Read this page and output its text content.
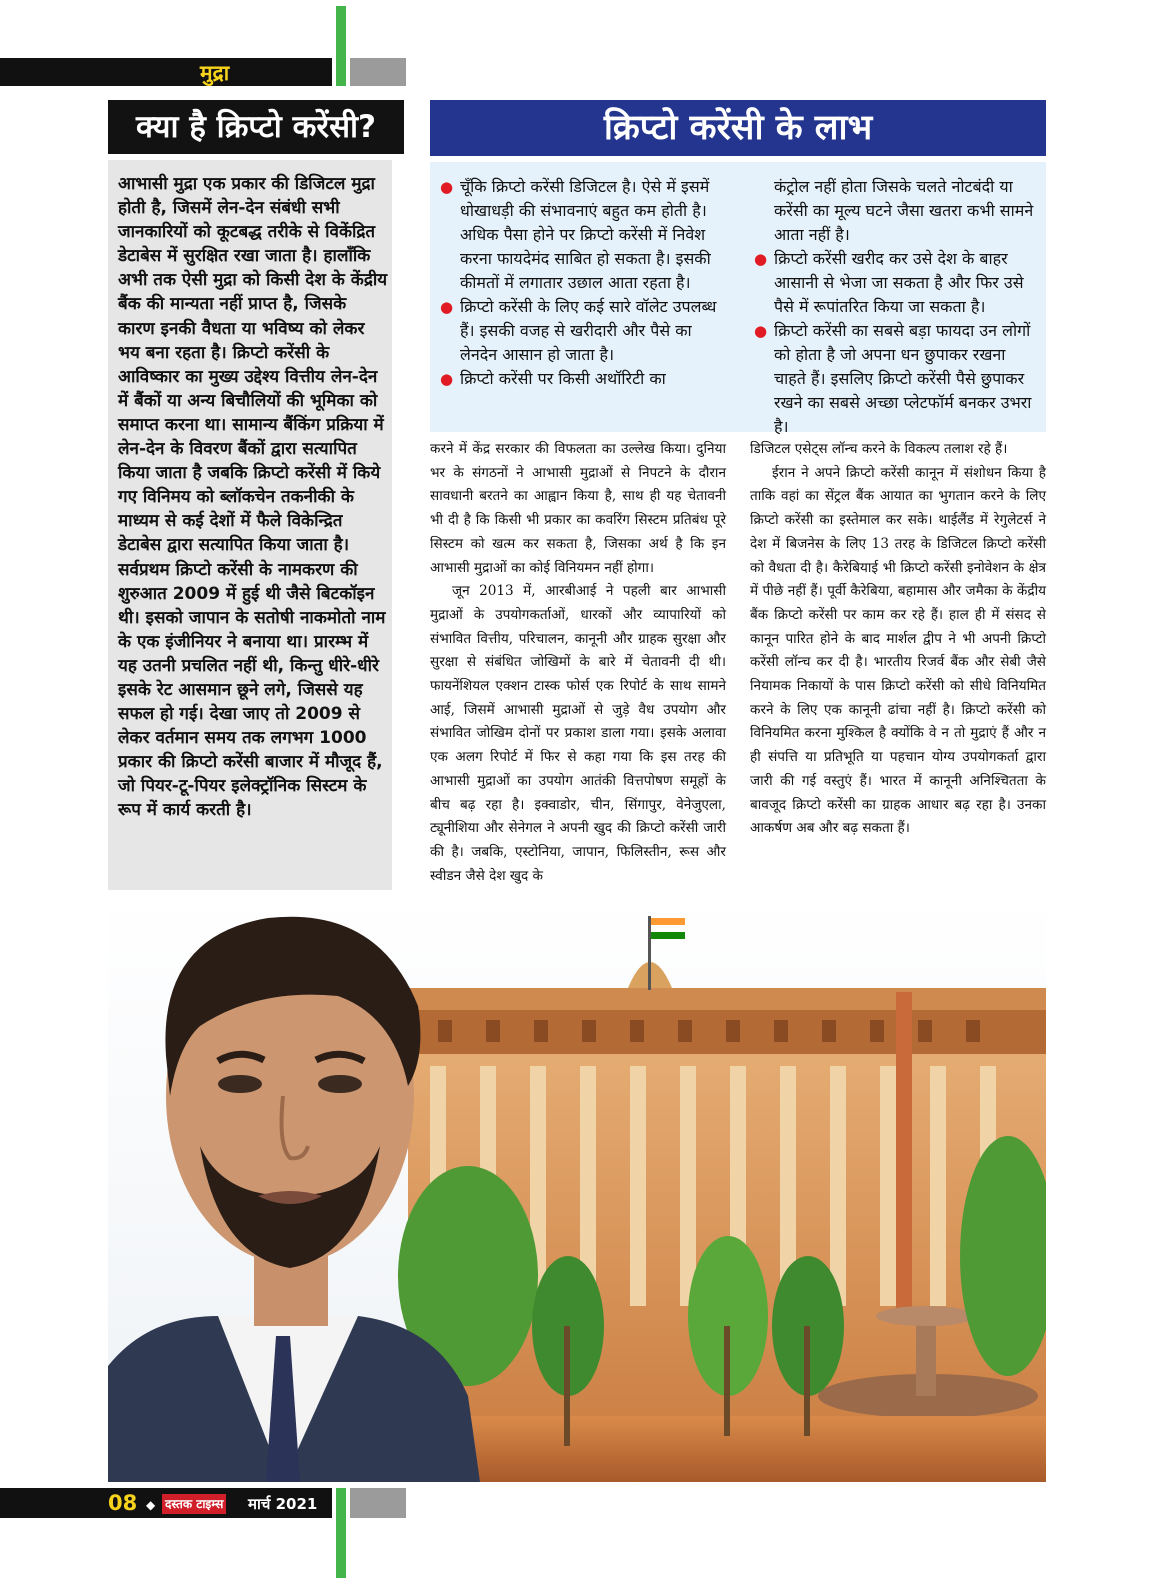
मुद्रा
क्या है क्रिप्टो करेंसी?
आभासी मुद्रा एक प्रकार की डिजिटल मुद्रा होती है, जिसमें लेन-देन संबंधी सभी जानकारियों को कूटबद्ध तरीके से विकेंद्रित डेटाबेस में सुरक्षित रखा जाता है। हालाँकि अभी तक ऐसी मुद्रा को किसी देश के केंद्रीय बैंक की मान्यता नहीं प्राप्त है, जिसके कारण इनकी वैधता या भविष्य को लेकर भय बना रहता है। क्रिप्टो करेंसी के आविष्कार का मुख्य उद्देश्य वित्तीय लेन-देन में बैंकों या अन्य बिचौलियों की भूमिका को समाप्त करना था। सामान्य बैंकिंग प्रक्रिया में लेन-देन के विवरण बैंकों द्वारा सत्यापित किया जाता है जबकि क्रिप्टो करेंसी में किये गए विनिमय को ब्लॉकचेन तकनीकी के माध्यम से कई देशों में फैले विकेन्द्रित डेटाबेस द्वारा सत्यापित किया जाता है। सर्वप्रथम क्रिप्टो करेंसी के नामकरण की शुरुआत 2009 में हुई थी जैसे बिटकॉइन थी। इसको जापान के सतोषी नाकमोतो नाम के एक इंजीनियर ने बनाया था। प्रारम्भ में यह उतनी प्रचलित नहीं थी, किन्तु धीरे-धीरे इसके रेट आसमान छूने लगे, जिससे यह सफल हो गई। देखा जाए तो 2009 से लेकर वर्तमान समय तक लगभग 1000 प्रकार की क्रिप्टो करेंसी बाजार में मौजूद हैं, जो पियर-टू-पियर इलेक्ट्रॉनिक सिस्टम के रूप में कार्य करती है।
क्रिप्टो करेंसी के लाभ

● चूँकि क्रिप्टो करेंसी डिजिटल है। ऐसे में इसमें धोखाधड़ी की संभावनाएं बहुत कम होती है। अधिक पैसा होने पर क्रिप्टो करेंसी में निवेश करना फायदेमंद साबित हो सकता है। इसकी कीमतों में लगातार उछाल आता रहता है।

● क्रिप्टो करेंसी के लिए कई सारे वॉलेट उपलब्ध हैं। इसकी वजह से खरीदारी और पैसे का लेनदेन आसान हो जाता है।

● क्रिप्टो करेंसी पर किसी अथॉरिटी का

कंट्रोल नहीं होता जिसके चलते नोटबंदी या करेंसी का मूल्य घटने जैसा खतरा कभी सामने आता नहीं है।

● क्रिप्टो करेंसी खरीद कर उसे देश के बाहर आसानी से भेजा जा सकता है और फिर उसे पैसे में रूपांतरित किया जा सकता है।

● क्रिप्टो करेंसी का सबसे बड़ा फायदा उन लोगों को होता है जो अपना धन छुपाकर रखना चाहते हैं। इसलिए क्रिप्टो करेंसी पैसे छुपाकर रखने का सबसे अच्छा प्लेटफॉर्म बनकर उभरा है।

करने में केंद्र सरकार की विफलता का उल्लेख किया। दुनिया भर के संगठनों ने आभासी मुद्राओं से निपटने के दौरान सावधानी बरतने का आह्वान किया है, साथ ही यह चेतावनी भी दी है कि किसी भी प्रकार का कवरिंग सिस्टम प्रतिबंध पूरे सिस्टम को खत्म कर सकता है, जिसका अर्थ है कि इन आभासी मुद्राओं का कोई विनियमन नहीं होगा।

जून 2013 में, आरबीआई ने पहली बार आभासी मुद्राओं के उपयोगकर्ताओं, धारकों और व्यापारियों को संभावित वित्तीय, परिचालन, कानूनी और ग्राहक सुरक्षा और सुरक्षा से संबंधित जोखिमों के बारे में चेतावनी दी थी। फायनेंशियल एक्शन टास्क फोर्स एक रिपोर्ट के साथ सामने आई, जिसमें आभासी मुद्राओं से जुड़े वैध उपयोग और संभावित जोखिम दोनों पर प्रकाश डाला गया। इसके अलावा एक अलग रिपोर्ट में फिर से कहा गया कि इस तरह की आभासी मुद्राओं का उपयोग आतंकी वित्तपोषण समूहों के बीच बढ़ रहा है। इक्वाडोर, चीन, सिंगापुर, वेनेजुएला, ट्यूनीशिया और सेनेगल ने अपनी खुद की क्रिप्टो करेंसी जारी की है। जबकि, एस्टोनिया, जापान, फिलिस्तीन, रूस और स्वीडन जैसे देश खुद के

डिजिटल एसेट्स लॉन्च करने के विकल्प तलाश रहे हैं।

ईरान ने अपने क्रिप्टो करेंसी कानून में संशोधन किया है ताकि वहां का सेंट्रल बैंक आयात का भुगतान करने के लिए क्रिप्टो करेंसी का इस्तेमाल कर सके। थाईलैंड में रेगुलेटर्स ने देश में बिजनेस के लिए 13 तरह के डिजिटल क्रिप्टो करेंसी को वैधता दी है। कैरेबियाई भी क्रिप्टो करेंसी इनोवेशन के क्षेत्र में पीछे नहीं हैं। पूर्वी कैरेबिया, बहामास और जमैका के केंद्रीय बैंक क्रिप्टो करेंसी पर काम कर रहे हैं। हाल ही में संसद से कानून पारित होने के बाद मार्शल द्वीप ने भी अपनी क्रिप्टो करेंसी लॉन्च कर दी है। भारतीय रिजर्व बैंक और सेबी जैसे नियामक निकायों के पास क्रिप्टो करेंसी को सीधे विनियमित करने के लिए एक कानूनी ढांचा नहीं है। क्रिप्टो करेंसी को विनियमित करना मुश्किल है क्योंकि वे न तो मुद्राएं हैं और न ही संपत्ति या प्रतिभूति या पहचान योग्य उपयोगकर्ता द्वारा जारी की गई वस्तुएं हैं। भारत में कानूनी अनिश्चितता के बावजूद क्रिप्टो करेंसी का ग्राहक आधार बढ़ रहा है। उनका आकर्षण अब और बढ़ सकता हैं।

08 ◆ दस्तक टाइम्स मार्च 2021
